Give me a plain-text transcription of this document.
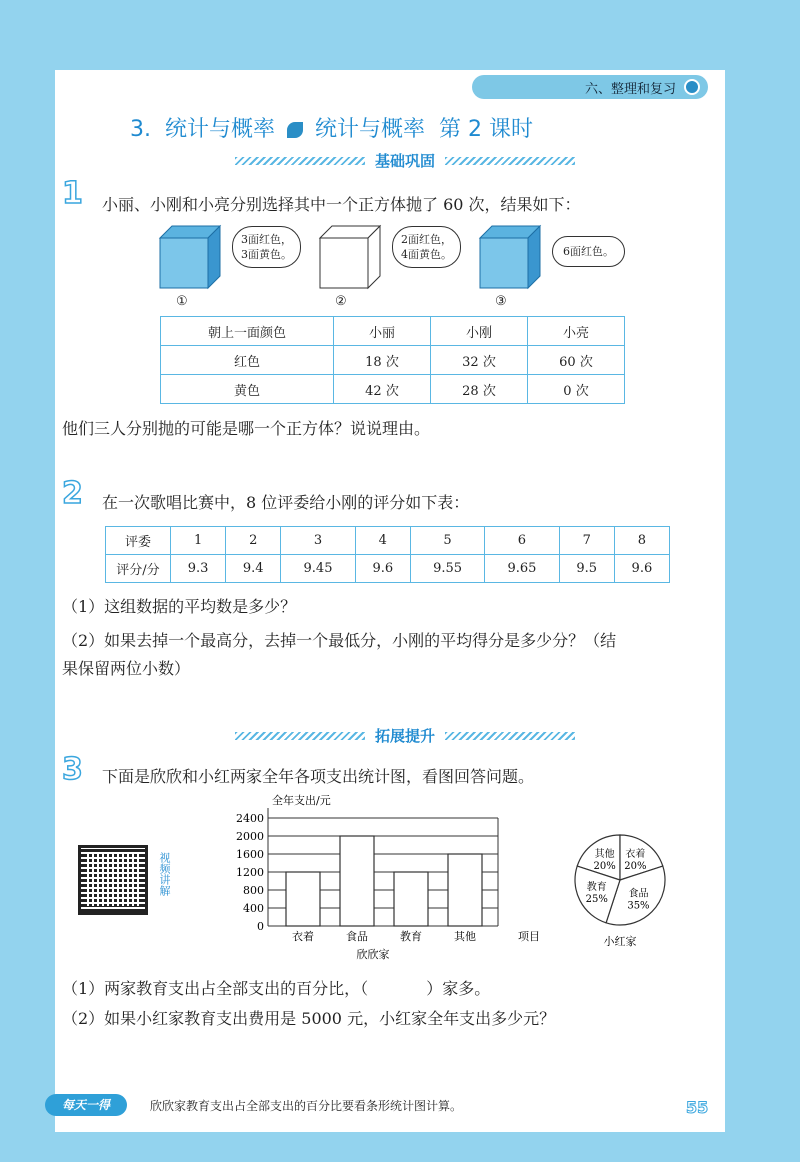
六、整理和复习
3. 统计与概率 统计与概率 第 2 课时
基础巩固
1 小丽、小刚和小亮分别选择其中一个正方体抛了 60 次，结果如下：
3面红色，
3面黄色。
①
2面红色，
4面黄色。
②
6面红色。
③
朝上一面颜色	小丽	小刚	小亮
红色	18 次	32 次	60 次
黄色	42 次	28 次	0 次
他们三人分别抛的可能是哪一个正方体？说说理由。
2 在一次歌唱比赛中，8 位评委给小刚的评分如下表：
评委	1	2	3	4	5	6	7	8
评分/分	9.3	9.4	9.45	9.6	9.55	9.65	9.5	9.6
（1）这组数据的平均数是多少？
（2）如果去掉一个最高分，去掉一个最低分，小刚的平均得分是多少分？（结
果保留两位小数）
拓展提升
3 下面是欣欣和小红两家全年各项支出统计图，看图回答问题。
视频讲解
全年支出/元
0
400
800
1200
1600
2000
2400
衣着	食品	教育	其他	项目
欣欣家
其他
20%
衣着
20%
食品
35%
教育
25%
小红家
（1）两家教育支出占全部支出的百分比，（	）家多。
（2）如果小红家教育支出费用是 5000 元，小红家全年支出多少元？
每天一得	欣欣家教育支出占全部支出的百分比要看条形统计图计算。	55
